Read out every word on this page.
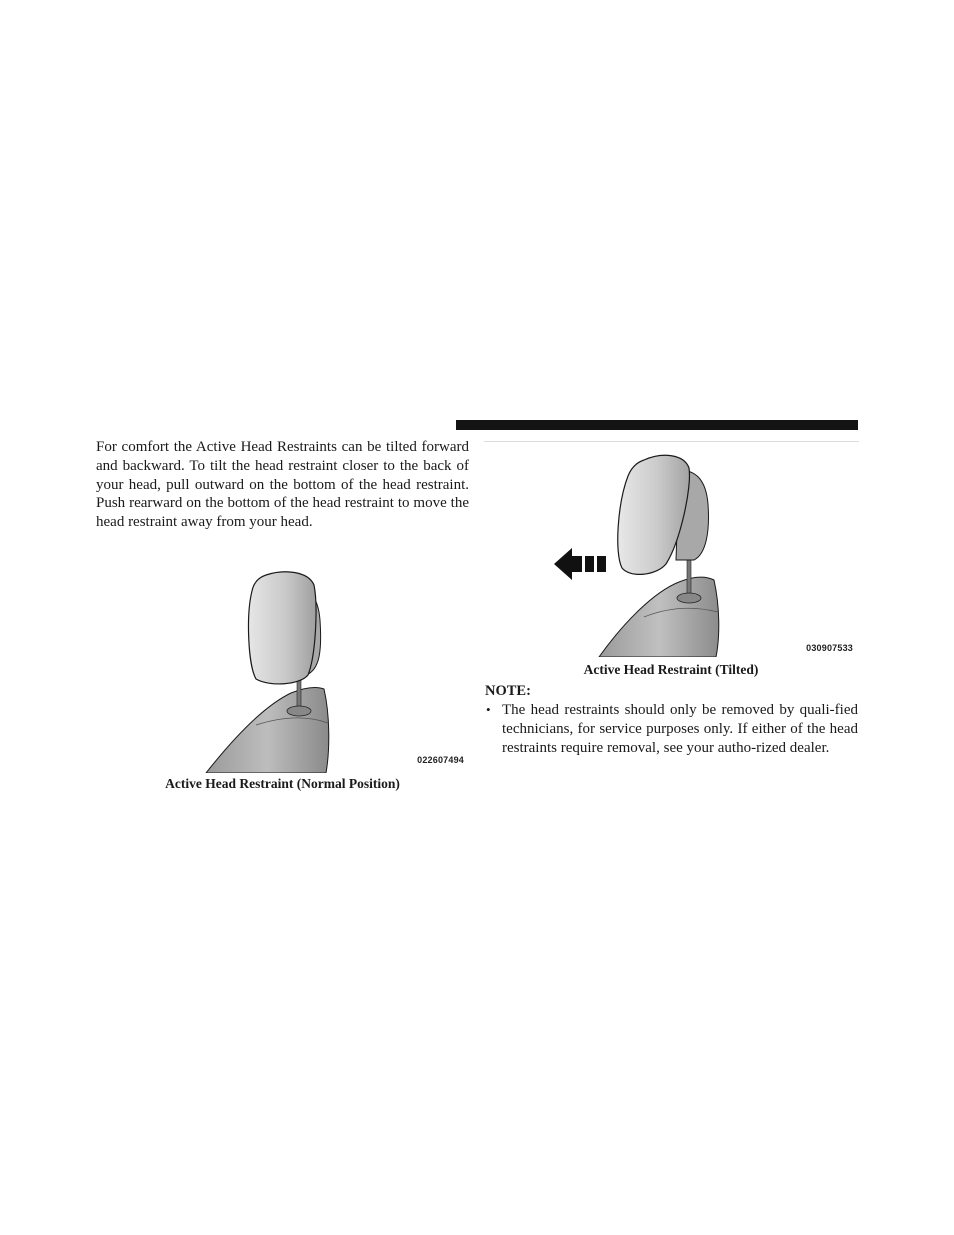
For comfort the Active Head Restraints can be tilted forward and backward. To tilt the head restraint closer to the back of your head, pull outward on the bottom of the head restraint. Push rearward on the bottom of the head restraint to move the head restraint away from your head.

022607494

Active Head Restraint (Normal Position)

030907533

Active Head Restraint (Tilted)

NOTE:

• The head restraints should only be removed by quali-fied technicians, for service purposes only. If either of the head restraints require removal, see your autho-rized dealer.
